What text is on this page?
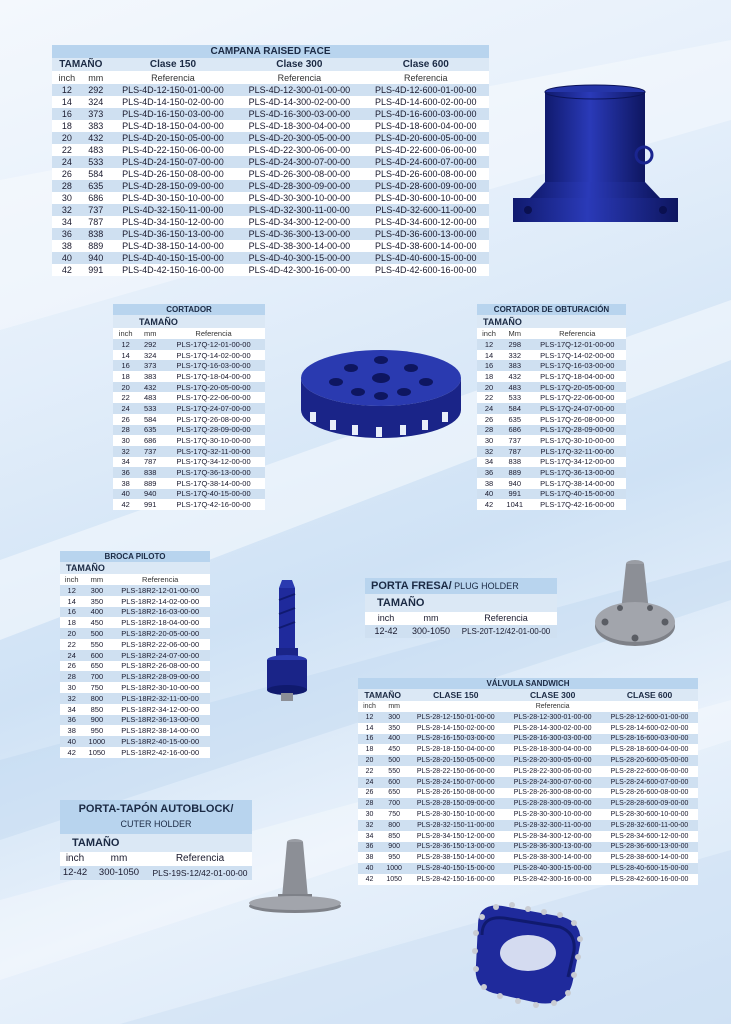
CAMPANA RAISED FACE				
TAMAÑO		Clase 150	Clase 300	Clase 600
inch	mm	Referencia	Referencia	Referencia
12	292	PLS-4D-12-150-01-00-00	PLS-4D-12-300-01-00-00	PLS-4D-12-600-01-00-00
14	324	PLS-4D-14-150-02-00-00	PLS-4D-14-300-02-00-00	PLS-4D-14-600-02-00-00
16	373	PLS-4D-16-150-03-00-00	PLS-4D-16-300-03-00-00	PLS-4D-16-600-03-00-00
18	383	PLS-4D-18-150-04-00-00	PLS-4D-18-300-04-00-00	PLS-4D-18-600-04-00-00
20	432	PLS-4D-20-150-05-00-00	PLS-4D-20-300-05-00-00	PLS-4D-20-600-05-00-00
22	483	PLS-4D-22-150-06-00-00	PLS-4D-22-300-06-00-00	PLS-4D-22-600-06-00-00
24	533	PLS-4D-24-150-07-00-00	PLS-4D-24-300-07-00-00	PLS-4D-24-600-07-00-00
26	584	PLS-4D-26-150-08-00-00	PLS-4D-26-300-08-00-00	PLS-4D-26-600-08-00-00
28	635	PLS-4D-28-150-09-00-00	PLS-4D-28-300-09-00-00	PLS-4D-28-600-09-00-00
30	686	PLS-4D-30-150-10-00-00	PLS-4D-30-300-10-00-00	PLS-4D-30-600-10-00-00
32	737	PLS-4D-32-150-11-00-00	PLS-4D-32-300-11-00-00	PLS-4D-32-600-11-00-00
34	787	PLS-4D-34-150-12-00-00	PLS-4D-34-300-12-00-00	PLS-4D-34-600-12-00-00
36	838	PLS-4D-36-150-13-00-00	PLS-4D-36-300-13-00-00	PLS-4D-36-600-13-00-00
38	889	PLS-4D-38-150-14-00-00	PLS-4D-38-300-14-00-00	PLS-4D-38-600-14-00-00
40	940	PLS-4D-40-150-15-00-00	PLS-4D-40-300-15-00-00	PLS-4D-40-600-15-00-00
42	991	PLS-4D-42-150-16-00-00	PLS-4D-42-300-16-00-00	PLS-4D-42-600-16-00-00
CORTADOR		
TAMAÑO		
inch	mm	Referencia
12	292	PLS-17Q-12-01-00-00
14	324	PLS-17Q-14-02-00-00
16	373	PLS-17Q-16-03-00-00
18	383	PLS-17Q-18-04-00-00
20	432	PLS-17Q-20-05-00-00
22	483	PLS-17Q-22-06-00-00
24	533	PLS-17Q-24-07-00-00
26	584	PLS-17Q-26-08-00-00
28	635	PLS-17Q-28-09-00-00
30	686	PLS-17Q-30-10-00-00
32	737	PLS-17Q-32-11-00-00
34	787	PLS-17Q-34-12-00-00
36	838	PLS-17Q-36-13-00-00
38	889	PLS-17Q-38-14-00-00
40	940	PLS-17Q-40-15-00-00
42	991	PLS-17Q-42-16-00-00
CORTADOR DE OBTURACIÓN		
TAMAÑO		
inch	Mm	Referencia
12	298	PLS-17Q-12-01-00-00
14	332	PLS-17Q-14-02-00-00
16	383	PLS-17Q-16-03-00-00
18	432	PLS-17Q-18-04-00-00
20	483	PLS-17Q-20-05-00-00
22	533	PLS-17Q-22-06-00-00
24	584	PLS-17Q-24-07-00-00
26	635	PLS-17Q-26-08-00-00
28	686	PLS-17Q-28-09-00-00
30	737	PLS-17Q-30-10-00-00
32	787	PLS-17Q-32-11-00-00
34	838	PLS-17Q-34-12-00-00
36	889	PLS-17Q-36-13-00-00
38	940	PLS-17Q-38-14-00-00
40	991	PLS-17Q-40-15-00-00
42	1041	PLS-17Q-42-16-00-00
BROCA PILOTO		
TAMAÑO		
inch	mm	Referencia
12	300	PLS-18R2-12-01-00-00
14	350	PLS-18R2-14-02-00-00
16	400	PLS-18R2-16-03-00-00
18	450	PLS-18R2-18-04-00-00
20	500	PLS-18R2-20-05-00-00
22	550	PLS-18R2-22-06-00-00
24	600	PLS-18R2-24-07-00-00
26	650	PLS-18R2-26-08-00-00
28	700	PLS-18R2-28-09-00-00
30	750	PLS-18R2-30-10-00-00
32	800	PLS-18R2-32-11-00-00
34	850	PLS-18R2-34-12-00-00
36	900	PLS-18R2-36-13-00-00
38	950	PLS-18R2-38-14-00-00
40	1000	PLS-18R2-40-15-00-00
42	1050	PLS-18R2-42-16-00-00
PORTA FRESA/ PLUG HOLDER
TAMAÑO
inch	mm	Referencia
12-42	300-1050	PLS-20T-12/42-01-00-00
VÁLVULA SANDWICH				
TAMAÑO		CLASE 150	CLASE 300	CLASE 600
inch	mm	Referencia		
12	300	PLS-28-12-150-01-00-00	PLS-28-12-300-01-00-00	PLS-28-12-600-01-00-00
14	350	PLS-28-14-150-02-00-00	PLS-28-14-300-02-00-00	PLS-28-14-600-02-00-00
16	400	PLS-28-16-150-03-00-00	PLS-28-16-300-03-00-00	PLS-28-16-600-03-00-00
18	450	PLS-28-18-150-04-00-00	PLS-28-18-300-04-00-00	PLS-28-18-600-04-00-00
20	500	PLS-28-20-150-05-00-00	PLS-28-20-300-05-00-00	PLS-28-20-600-05-00-00
22	550	PLS-28-22-150-06-00-00	PLS-28-22-300-06-00-00	PLS-28-22-600-06-00-00
24	600	PLS-28-24-150-07-00-00	PLS-28-24-300-07-00-00	PLS-28-24-600-07-00-00
26	650	PLS-28-26-150-08-00-00	PLS-28-26-300-08-00-00	PLS-28-26-600-08-00-00
28	700	PLS-28-28-150-09-00-00	PLS-28-28-300-09-00-00	PLS-28-28-600-09-00-00
30	750	PLS-28-30-150-10-00-00	PLS-28-30-300-10-00-00	PLS-28-30-600-10-00-00
32	800	PLS-28-32-150-11-00-00	PLS-28-32-300-11-00-00	PLS-28-32-600-11-00-00
34	850	PLS-28-34-150-12-00-00	PLS-28-34-300-12-00-00	PLS-28-34-600-12-00-00
36	900	PLS-28-36-150-13-00-00	PLS-28-36-300-13-00-00	PLS-28-36-600-13-00-00
38	950	PLS-28-38-150-14-00-00	PLS-28-38-300-14-00-00	PLS-28-38-600-14-00-00
40	1000	PLS-28-40-150-15-00-00	PLS-28-40-300-15-00-00	PLS-28-40-600-15-00-00
42	1050	PLS-28-42-150-16-00-00	PLS-28-42-300-16-00-00	PLS-28-42-600-16-00-00
PORTA-TAPÓN AUTOBLOCK/
CUTER HOLDER
TAMAÑO
inch	mm	Referencia
12-42	300-1050	PLS-19S-12/42-01-00-00
